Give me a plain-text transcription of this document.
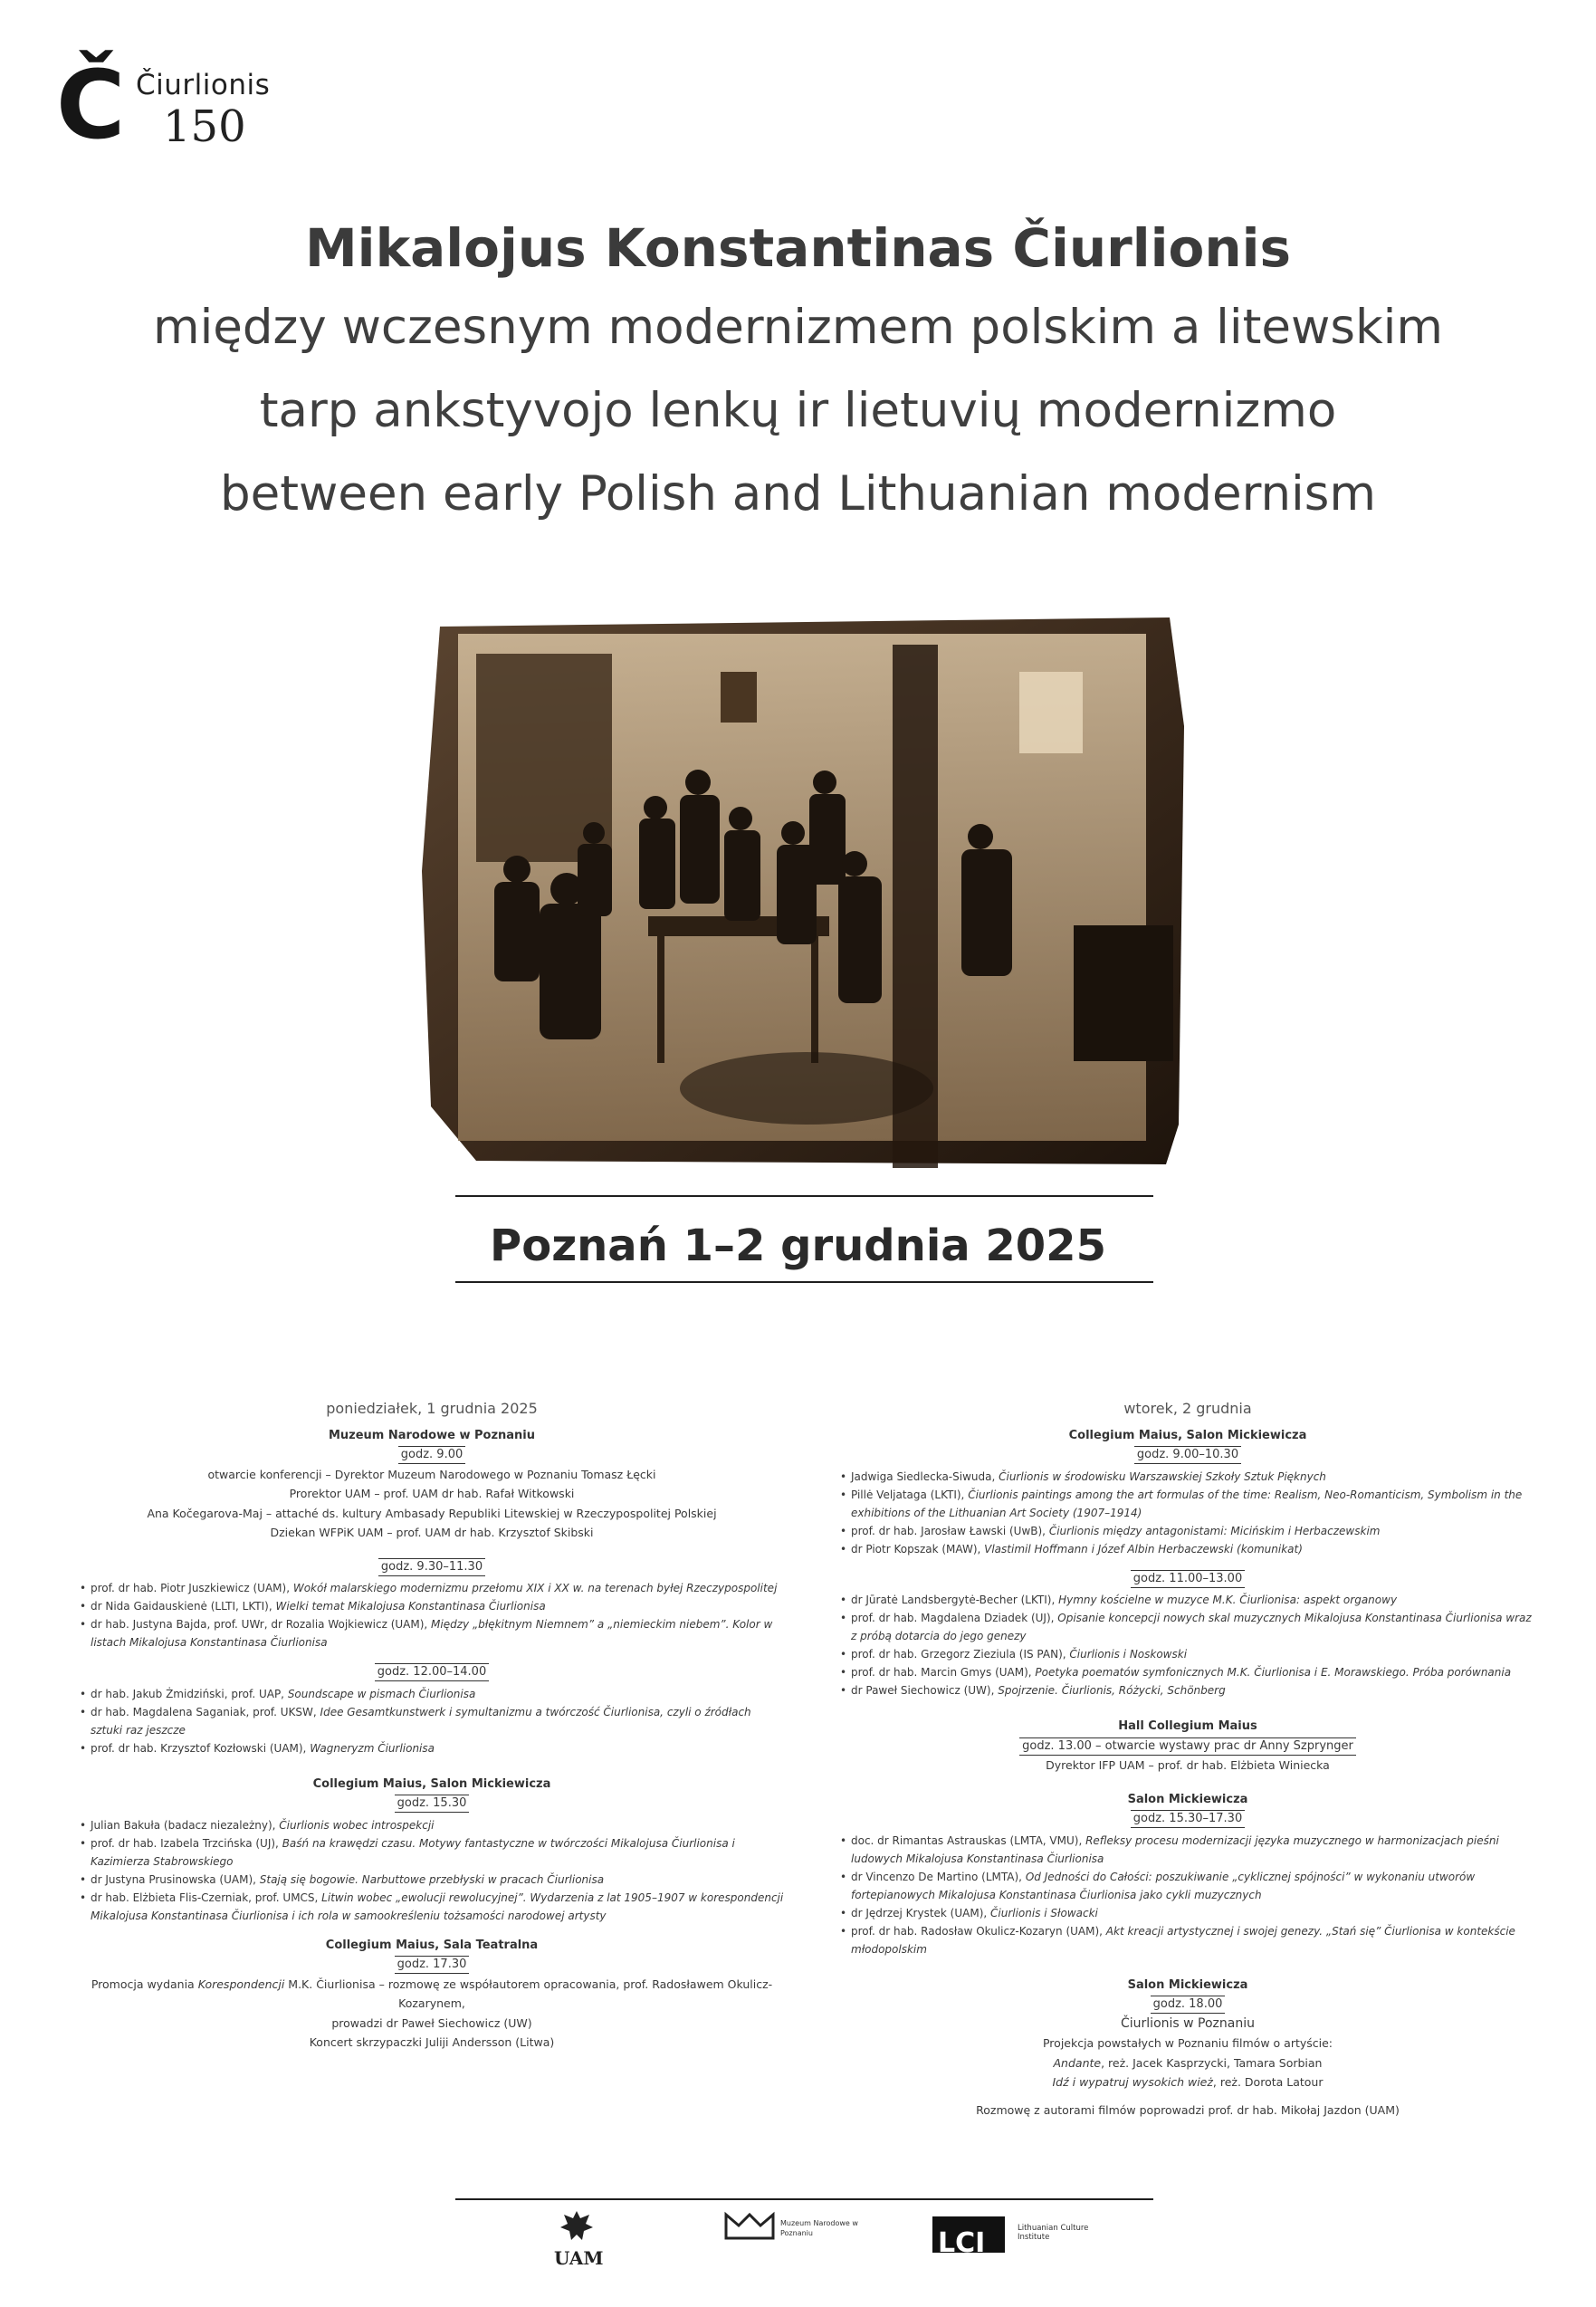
Č Čiurlionis
150
Mikalojus Konstantinas Čiurlionis
między wczesnym modernizmem polskim a litewskim
tarp ankstyvojo lenkų ir lietuvių modernizmo
between early Polish and Lithuanian modernism
Poznań 1–2 grudnia 2025
poniedziałek, 1 grudnia 2025
Muzeum Narodowe w Poznaniu
godz. 9.00
otwarcie konferencji – Dyrektor Muzeum Narodowego w Poznaniu Tomasz Łęcki
Prorektor UAM – prof. UAM dr hab. Rafał Witkowski
Ana Kočegarova-Maj – attaché ds. kultury Ambasady Republiki Litewskiej w Rzeczypospolitej Polskiej
Dziekan WFPiK UAM – prof. UAM dr hab. Krzysztof Skibski
godz. 9.30–11.30
• prof. dr hab. Piotr Juszkiewicz (UAM), Wokół malarskiego modernizmu przełomu XIX i XX w. na terenach byłej Rzeczypospolitej
• dr Nida Gaidauskienė (LLTI, LKTI), Wielki temat Mikalojusa Konstantinasa Čiurlionisa
• dr hab. Justyna Bajda, prof. UWr, dr Rozalia Wojkiewicz (UAM), Między „błękitnym Niemnem” a „niemieckim niebem”. Kolor w listach Mikalojusa Konstantinasa Čiurlionisa
godz. 12.00–14.00
• dr hab. Jakub Żmidziński, prof. UAP, Soundscape w pismach Čiurlionisa
• dr hab. Magdalena Saganiak, prof. UKSW, Idee Gesamtkunstwerk i symultanizmu a twórczość Čiurlionisa, czyli o źródłach sztuki raz jeszcze
• prof. dr hab. Krzysztof Kozłowski (UAM), Wagneryzm Čiurlionisa
Collegium Maius, Salon Mickiewicza
godz. 15.30
• Julian Bakuła (badacz niezależny), Čiurlionis wobec introspekcji
• prof. dr hab. Izabela Trzcińska (UJ), Baśń na krawędzi czasu. Motywy fantastyczne w twórczości Mikalojusa Čiurlionisa i Kazimierza Stabrowskiego
• dr Justyna Prusinowska (UAM), Stają się bogowie. Narbuttowe przebłyski w pracach Čiurlionisa
• dr hab. Elżbieta Flis-Czerniak, prof. UMCS, Litwin wobec „ewolucji rewolucyjnej”. Wydarzenia z lat 1905–1907 w korespondencji Mikalojusa Konstantinasa Čiurlionisa i ich rola w samookreśleniu tożsamości narodowej artysty
Collegium Maius, Sala Teatralna
godz. 17.30
Promocja wydania Korespondencji M.K. Čiurlionisa – rozmowę ze współautorem opracowania, prof. Radosławem Okulicz-Kozarynem,
prowadzi dr Paweł Siechowicz (UW)
Koncert skrzypaczki Juliji Andersson (Litwa)
wtorek, 2 grudnia
Collegium Maius, Salon Mickiewicza
godz. 9.00–10.30
• Jadwiga Siedlecka-Siwuda, Čiurlionis w środowisku Warszawskiej Szkoły Sztuk Pięknych
• Pillė Veljataga (LKTI), Čiurlionis paintings among the art formulas of the time: Realism, Neo-Romanticism, Symbolism in the exhibitions of the Lithuanian Art Society (1907–1914)
• prof. dr hab. Jarosław Ławski (UwB), Čiurlionis między antagonistami: Micińskim i Herbaczewskim
• dr Piotr Kopszak (MAW), Vlastimil Hoffmann i Józef Albin Herbaczewski (komunikat)
godz. 11.00–13.00
• dr Jūratė Landsbergytė-Becher (LKTI), Hymny kościelne w muzyce M.K. Čiurlionisa: aspekt organowy
• prof. dr hab. Magdalena Dziadek (UJ), Opisanie koncepcji nowych skal muzycznych Mikalojusa Konstantinasa Čiurlionisa wraz z próbą dotarcia do jego genezy
• prof. dr hab. Grzegorz Zieziula (IS PAN), Čiurlionis i Noskowski
• prof. dr hab. Marcin Gmys (UAM), Poetyka poematów symfonicznych M.K. Čiurlionisa i E. Morawskiego. Próba porównania
• dr Paweł Siechowicz (UW), Spojrzenie. Čiurlionis, Różycki, Schönberg
Hall Collegium Maius
godz. 13.00 – otwarcie wystawy prac dr Anny Szprynger
Dyrektor IFP UAM – prof. dr hab. Elżbieta Winiecka
Salon Mickiewicza
godz. 15.30–17.30
• doc. dr Rimantas Astrauskas (LMTA, VMU), Refleksy procesu modernizacji języka muzycznego w harmonizacjach pieśni ludowych Mikalojusa Konstantinasa Čiurlionisa
• dr Vincenzo De Martino (LMTA), Od Jedności do Całości: poszukiwanie „cyklicznej spójności” w wykonaniu utworów fortepianowych Mikalojusa Konstantinasa Čiurlionisa jako cykli muzycznych
• dr Jędrzej Krystek (UAM), Čiurlionis i Słowacki
• prof. dr hab. Radosław Okulicz-Kozaryn (UAM), Akt kreacji artystycznej i swojej genezy. „Stań się” Čiurlionisa w kontekście młodopolskim
Salon Mickiewicza
godz. 18.00
Čiurlionis w Poznaniu
Projekcja powstałych w Poznaniu filmów o artyście:
Andante, reż. Jacek Kasprzycki, Tamara Sorbian
Idź i wypatruj wysokich wież, reż. Dorota Latour
Rozmowę z autorami filmów poprowadzi prof. dr hab. Mikołaj Jazdon (UAM)
UAM
Muzeum Narodowe w Poznaniu	LCI	Lithuanian Culture Institute
